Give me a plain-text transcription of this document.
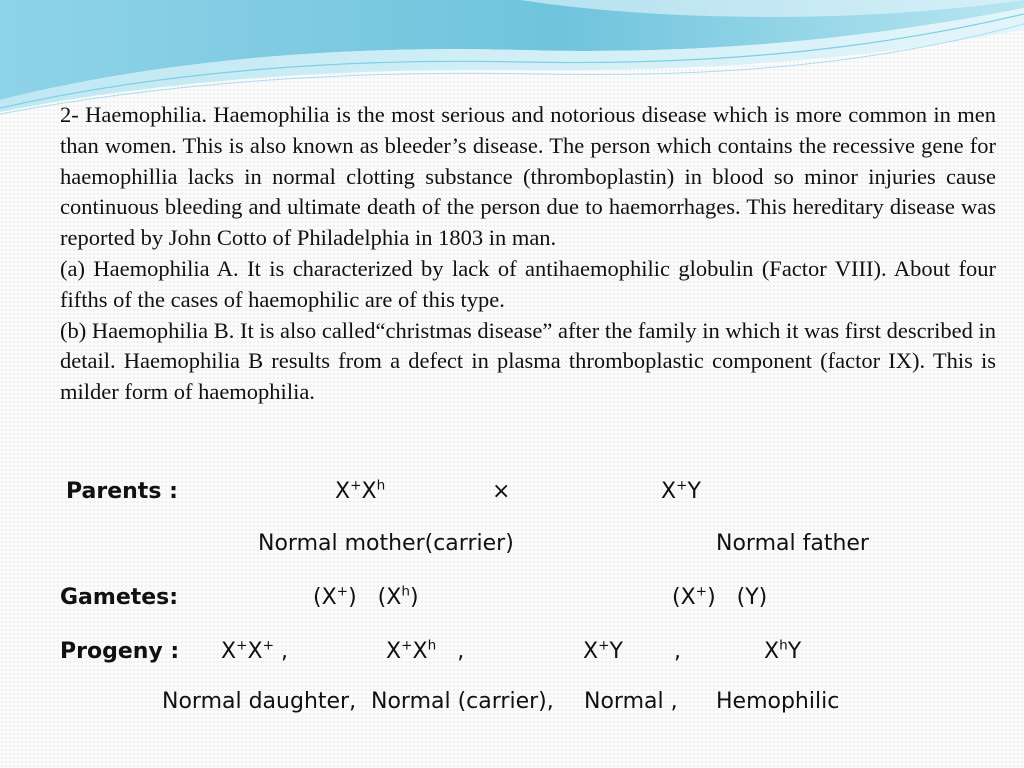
2- Haemophilia. Haemophilia is the most serious and notorious disease which is more common in men than women. This is also known as bleeder’s disease. The person which contains the recessive gene for haemophillia lacks in normal clotting substance (thromboplastin) in blood so minor injuries cause continuous bleeding and ultimate death of the person due to haemorrhages. This hereditary disease was reported by John Cotto of Philadelphia in 1803 in man.

(a) Haemophilia A. It is characterized by lack of antihaemophilic globulin (Factor VIII). About four fifths of the cases of haemophilic are of this type.

(b) Haemophilia B. It is also called“christmas disease” after the family in which it was first described in detail. Haemophilia B results from a defect in plasma thromboplastic component (factor IX). This is milder form of haemophilia.

Parents :	$X^+X^h$	×	X+Y
Normal mother(carrier)	Normal father
Gametes:	(X+) $(X^h)$	(X+) (Y)
Progeny : X+X+ ,	$X^+X^h$   ,	X+Y ,	$X^hY$
Normal daughter, Normal (carrier), Normal , Hemophilic
